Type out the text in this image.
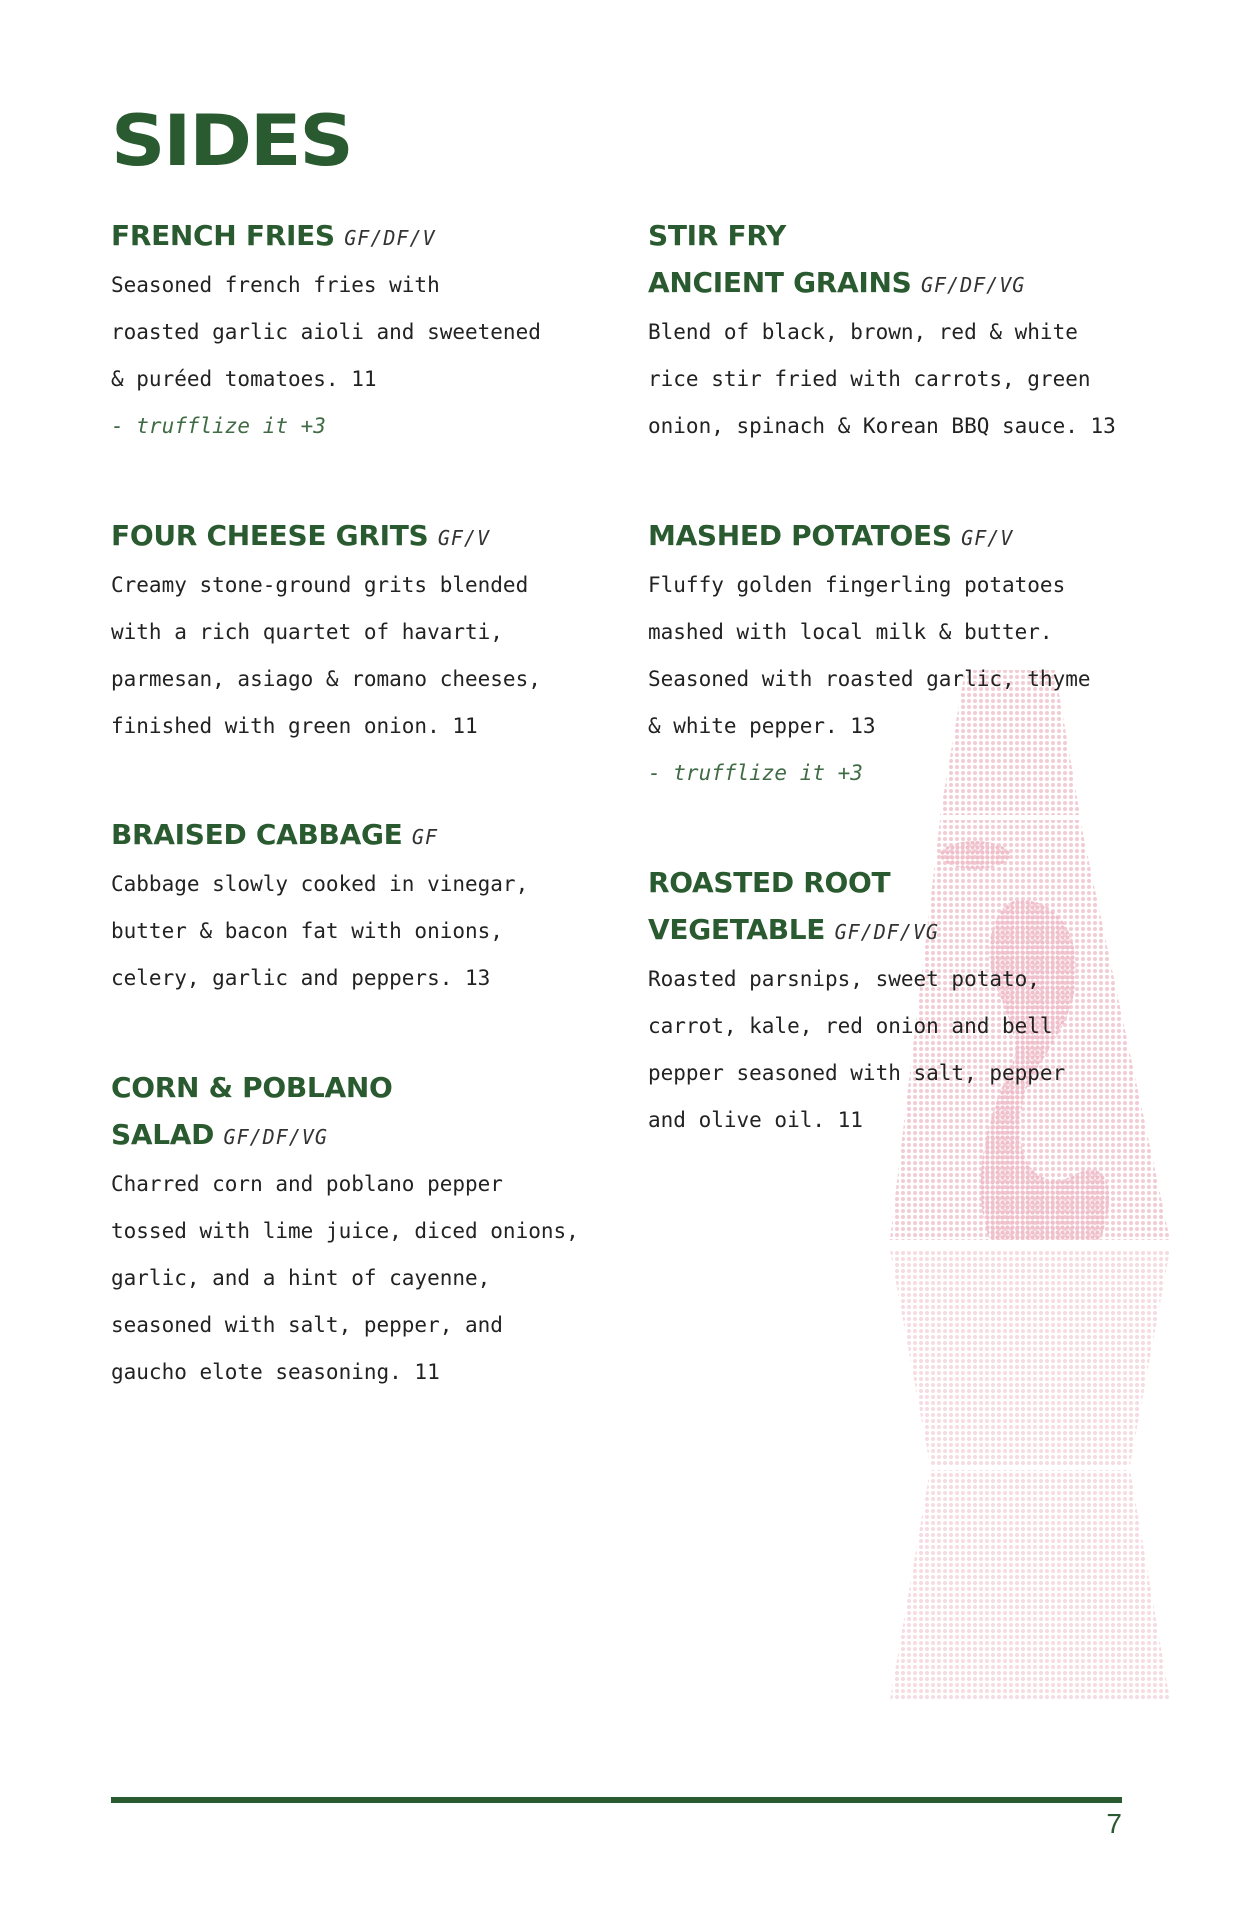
SIDES
FRENCH FRIES GF/DF/V

Seasoned french fries with
roasted garlic aioli and sweetened
& puréed tomatoes. 11

- trufflize it +3
FOUR CHEESE GRITS GF/V

Creamy stone-ground grits blended
with a rich quartet of havarti,
parmesan, asiago & romano cheeses,
finished with green onion. 11

BRAISED CABBAGE GF

Cabbage slowly cooked in vinegar,
butter & bacon fat with onions,
celery, garlic and peppers. 13

CORN & POBLANO
SALAD GF/DF/VG

Charred corn and poblano pepper
tossed with lime juice, diced onions,
garlic, and a hint of cayenne,
seasoned with salt, pepper, and
gaucho elote seasoning. 11

STIR FRY
ANCIENT GRAINS GF/DF/VG

Blend of black, brown, red & white
rice stir fried with carrots, green
onion, spinach & Korean BBQ sauce. 13

MASHED POTATOES GF/V

Fluffy golden fingerling potatoes
mashed with local milk & butter.
Seasoned with roasted garlic, thyme
& white pepper. 13

- trufflize it +3
ROASTED ROOT
VEGETABLE GF/DF/VG

Roasted parsnips, sweet potato,
carrot, kale, red onion and bell
pepper seasoned with salt, pepper
and olive oil. 11

7
